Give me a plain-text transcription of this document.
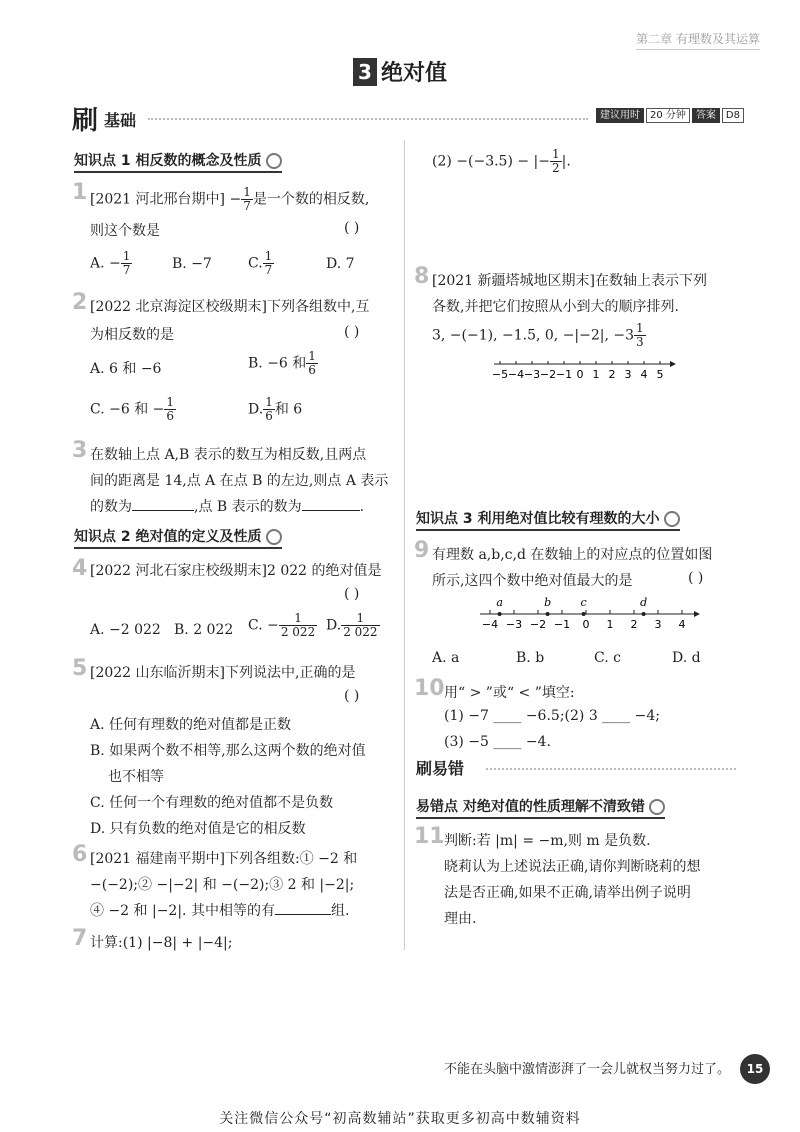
第二章 有理数及其运算
3 绝对值
刷 基础	建议用时 20 分钟 答案 D8
知识点 1 相反数的概念及性质
1 [2021 河北邢台期中] − $\frac{1}{7}$ 是一个数的相反数,
则这个数是	( )
A. − $\frac{1}{7}$	B. −7	C. $\frac{1}{7}$	D. 7
2 [2022 北京海淀区校级期末]下列各组数中,互
为相反数的是	( )
A. 6 和 −6	B. −6 和 $\frac{1}{6}$
C. −6 和 − $\frac{1}{6}$	D. $\frac{1}{6}$ 和 6
3 在数轴上点 A,B 表示的数互为相反数,且两点
间的距离是 14,点 A 在点 B 的左边,则点 A 表示
的数为	,点 B 表示的数为	.
知识点 2 绝对值的定义及性质
4 [2022 河北石家庄校级期末]2 022 的绝对值是
( )
A. −2 022 B. 2 022 C. − $\frac{1}{2 022} D$. $\frac{1}{2 022}$
5 [2022 山东临沂期末]下列说法中,正确的是
( )
A. 任何有理数的绝对值都是正数
B. 如果两个数不相等,那么这两个数的绝对值
也不相等
C. 任何一个有理数的绝对值都不是负数
D. 只有负数的绝对值是它的相反数
6 [2021 福建南平期中]下列各组数:① −2 和
−(−2);② −|−2| 和 −(−2);③ 2 和 |−2|;
④ −2 和 |−2|. 其中相等的有	组.
7 计算:(1) |−8| + |−4|;
(2) −(−3.5) − |− $\frac{1}{2}$ |.
8 [2021 新疆塔城地区期末]在数轴上表示下列
各数,并把它们按照从小到大的顺序排列.
3, −(−1), −1.5, 0, −|−2|, $-3 \frac{1}{3}$
−5 −4 −3 −2 −1 0 1 2 3 4 5
知识点 3 利用绝对值比较有理数的大小
9 有理数 a,b,c,d 在数轴上的对应点的位置如图
所示,这四个数中绝对值最大的是	( )
−4 −3 −2 −1 0 1 2 3 4
a	b	c	d
A. a	B. b	C. c	D. d
10 用“ > ”或“ < ”填空:
(1) −7 ____ −6.5;(2) 3 ____ −4;
(3) −5 ____ −4.
刷易错
易错点 对绝对值的性质理解不清致错
11 判断:若 |m| = −m,则 m 是负数.
晓莉认为上述说法正确,请你判断晓莉的想
法是否正确,如果不正确,请举出例子说明
理由.
不能在头脑中激情澎湃了一会儿就权当努力过了。	15
关注微信公众号“初高数辅站”获取更多初高中数辅资料
